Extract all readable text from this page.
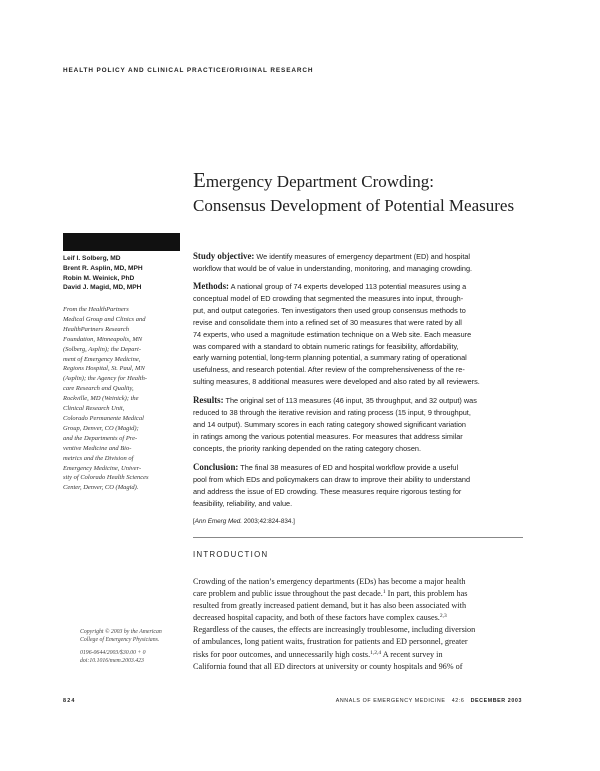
HEALTH POLICY AND CLINICAL PRACTICE/ORIGINAL RESEARCH
Emergency Department Crowding:
Consensus Development of Potential Measures
Leif I. Solberg, MD
Brent R. Asplin, MD, MPH
Robin M. Weinick, PhD
David J. Magid, MD, MPH
From the HealthPartners
Medical Group and Clinics and
HealthPartners Research
Foundation, Minneapolis, MN
(Solberg, Asplin); the Depart-
ment of Emergency Medicine,
Regions Hospital, St. Paul, MN
(Asplin); the Agency for Health-
care Research and Quality,
Rockville, MD (Weinick); the
Clinical Research Unit,
Colorado Permanente Medical
Group, Denver, CO (Magid);
and the Departments of Pre-
ventive Medicine and Bio-
metrics and the Division of
Emergency Medicine, Univer-
sity of Colorado Health Sciences
Center, Denver, CO (Magid).
Study objective: We identify measures of emergency department (ED) and hospital
workflow that would be of value in understanding, monitoring, and managing crowding.
Methods: A national group of 74 experts developed 113 potential measures using a
conceptual model of ED crowding that segmented the measures into input, through-
put, and output categories. Ten investigators then used group consensus methods to
revise and consolidate them into a refined set of 30 measures that were rated by all
74 experts, who used a magnitude estimation technique on a Web site. Each measure
was compared with a standard to obtain numeric ratings for feasibility, affordability,
early warning potential, long-term planning potential, a summary rating of operational
usefulness, and research potential. After review of the comprehensiveness of the re-
sulting measures, 8 additional measures were developed and also rated by all reviewers.
Results: The original set of 113 measures (46 input, 35 throughput, and 32 output) was
reduced to 38 through the iterative revision and rating process (15 input, 9 throughput,
and 14 output). Summary scores in each rating category showed significant variation
in ratings among the various potential measures. For measures that address similar
concepts, the priority ranking depended on the rating category chosen.
Conclusion: The final 38 measures of ED and hospital workflow provide a useful
pool from which EDs and policymakers can draw to improve their ability to understand
and address the issue of ED crowding. These measures require rigorous testing for
feasibility, reliability, and value.
[Ann Emerg Med. 2003;42:824-834.]
INTRODUCTION
Crowding of the nation’s emergency departments (EDs) has become a major health
care problem and public issue throughout the past decade.$^1$ In part, this problem has
resulted from greatly increased patient demand, but it has also been associated with
decreased hospital capacity, and both of these factors have complex causes.$^{2,3}$
Regardless of the causes, the effects are increasingly troublesome, including diversion
of ambulances, long patient waits, frustration for patients and ED personnel, greater
risks for poor outcomes, and unnecessarily high costs.$^{1,2,4}$ A recent survey in
California found that all ED directors at university or county hospitals and 96% of
Copyright © 2003 by the American
College of Emergency Physicians.
0196-0644/2003/$30.00 + 0
doi:10.1016/mem.2003.423
824	ANNALS OF EMERGENCY MEDICINE 42:6 DECEMBER 2003
